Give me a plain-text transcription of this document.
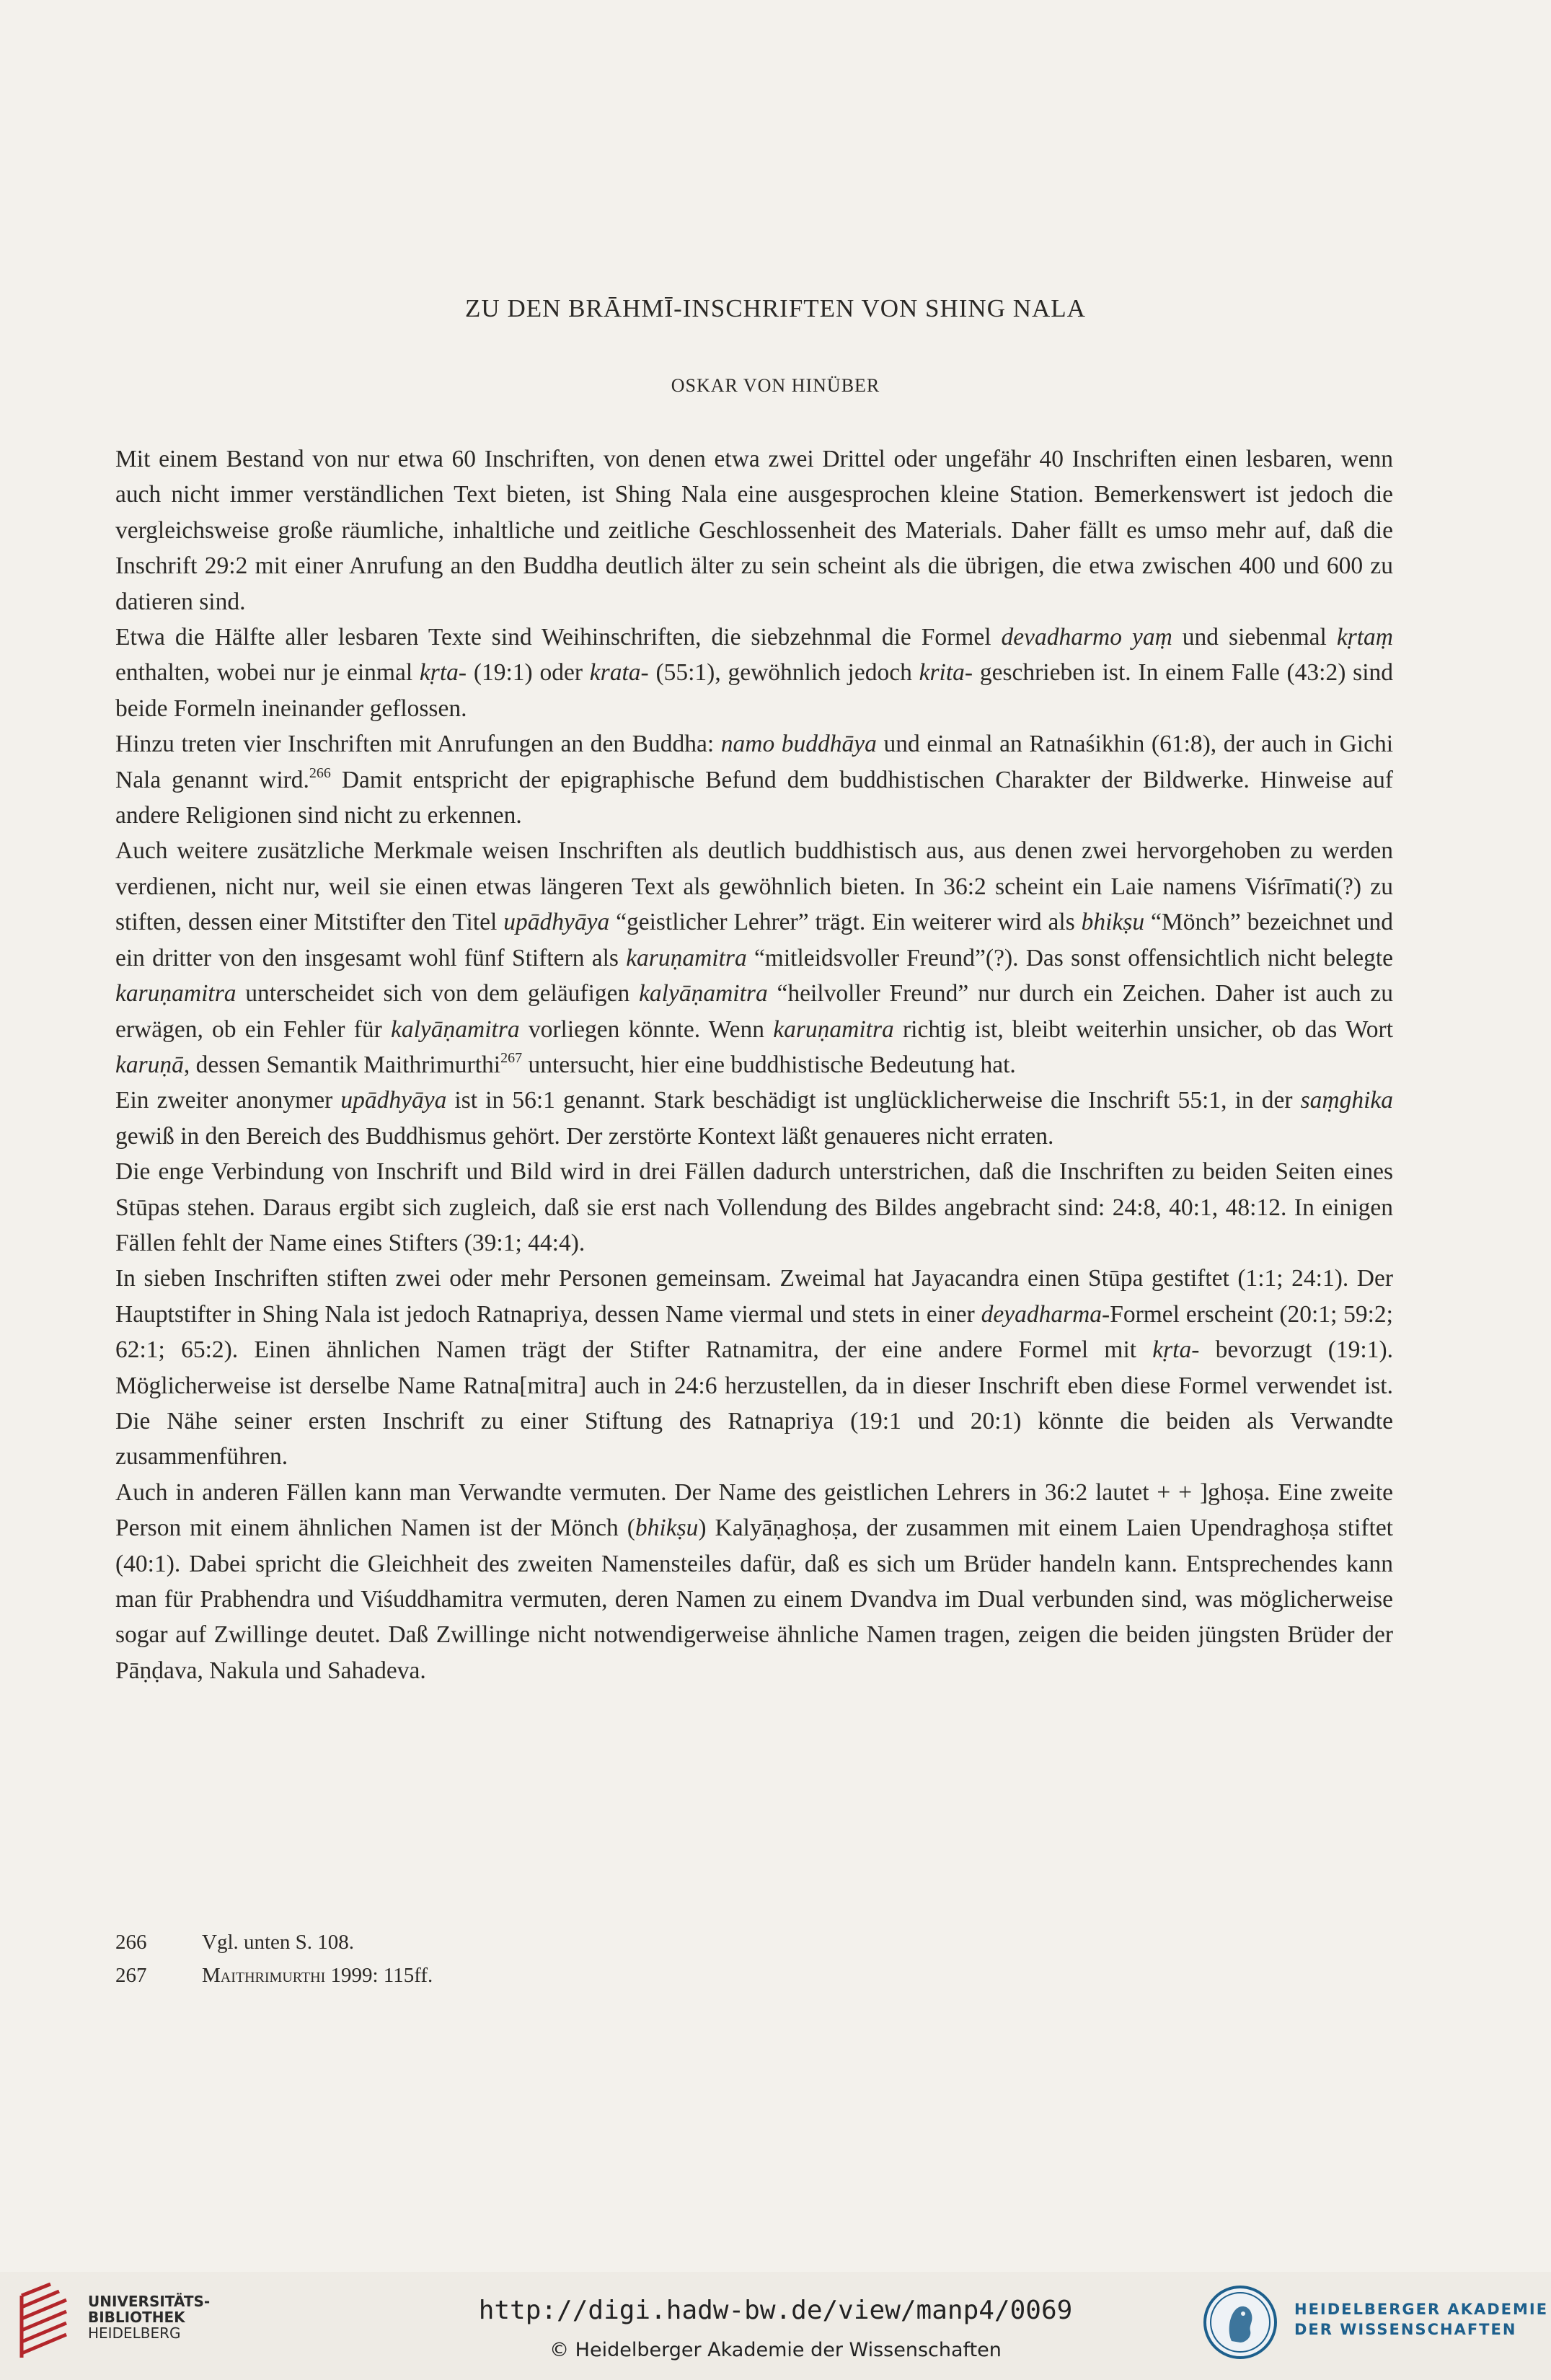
ZU DEN BRĀHMĪ-INSCHRIFTEN VON SHING NALA
OSKAR VON HINÜBER

Mit einem Bestand von nur etwa 60 Inschriften, von denen etwa zwei Drittel oder ungefähr 40 Inschriften einen lesbaren, wenn auch nicht immer verständlichen Text bieten, ist Shing Nala eine ausgesprochen kleine Station. Bemerkenswert ist jedoch die vergleichsweise große räumliche, inhaltliche und zeitliche Geschlossenheit des Materials. Daher fällt es umso mehr auf, daß die Inschrift 29:2 mit einer Anrufung an den Buddha deutlich älter zu sein scheint als die übrigen, die etwa zwischen 400 und 600 zu datieren sind.

Etwa die Hälfte aller lesbaren Texte sind Weihinschriften, die siebzehnmal die Formel devadharmo yaṃ und siebenmal kṛtaṃ enthalten, wobei nur je einmal kṛta- (19:1) oder krata- (55:1), gewöhnlich jedoch krita- geschrieben ist. In einem Falle (43:2) sind beide Formeln ineinander geflossen.

Hinzu treten vier Inschriften mit Anrufungen an den Buddha: namo buddhāya und einmal an Ratnaśikhin (61:8), der auch in Gichi Nala genannt wird.$^{266}$ Damit entspricht der epigraphische Befund dem buddhistischen Charakter der Bildwerke. Hinweise auf andere Religionen sind nicht zu erkennen.

Auch weitere zusätzliche Merkmale weisen Inschriften als deutlich buddhistisch aus, aus denen zwei hervorgehoben zu werden verdienen, nicht nur, weil sie einen etwas längeren Text als gewöhnlich bieten. In 36:2 scheint ein Laie namens Viśrīmati(?) zu stiften, dessen einer Mitstifter den Titel upādhyāya “geistlicher Lehrer” trägt. Ein weiterer wird als bhikṣu “Mönch” bezeichnet und ein dritter von den insgesamt wohl fünf Stiftern als karuṇamitra “mitleidsvoller Freund”(?). Das sonst offensichtlich nicht belegte karuṇamitra unterscheidet sich von dem geläufigen kalyāṇamitra “heilvoller Freund” nur durch ein Zeichen. Daher ist auch zu erwägen, ob ein Fehler für kalyāṇamitra vorliegen könnte. Wenn karuṇamitra richtig ist, bleibt weiterhin unsicher, ob das Wort karuṇā, dessen Semantik Maithrimurthi$^{267}$ untersucht, hier eine buddhistische Bedeutung hat.

Ein zweiter anonymer upādhyāya ist in 56:1 genannt. Stark beschädigt ist unglücklicherweise die Inschrift 55:1, in der saṃghika gewiß in den Bereich des Buddhismus gehört. Der zerstörte Kontext läßt genaueres nicht erraten.

Die enge Verbindung von Inschrift und Bild wird in drei Fällen dadurch unterstrichen, daß die Inschriften zu beiden Seiten eines Stūpas stehen. Daraus ergibt sich zugleich, daß sie erst nach Vollendung des Bildes angebracht sind: 24:8, 40:1, 48:12. In einigen Fällen fehlt der Name eines Stifters (39:1; 44:4).

In sieben Inschriften stiften zwei oder mehr Personen gemeinsam. Zweimal hat Jayacandra einen Stūpa gestiftet (1:1; 24:1). Der Hauptstifter in Shing Nala ist jedoch Ratnapriya, dessen Name viermal und stets in einer deyadharma-Formel erscheint (20:1; 59:2; 62:1; 65:2). Einen ähnlichen Namen trägt der Stifter Ratnamitra, der eine andere Formel mit kṛta- bevorzugt (19:1). Möglicherweise ist derselbe Name Ratna[mitra] auch in 24:6 herzustellen, da in dieser Inschrift eben diese Formel verwendet ist. Die Nähe seiner ersten Inschrift zu einer Stiftung des Ratnapriya (19:1 und 20:1) könnte die beiden als Verwandte zusammenführen.

Auch in anderen Fällen kann man Verwandte vermuten. Der Name des geistlichen Lehrers in 36:2 lautet + + ]ghoṣa. Eine zweite Person mit einem ähnlichen Namen ist der Mönch (bhikṣu) Kalyāṇaghoṣa, der zusammen mit einem Laien Upendraghoṣa stiftet (40:1). Dabei spricht die Gleichheit des zweiten Namensteiles dafür, daß es sich um Brüder handeln kann. Entsprechendes kann man für Prabhendra und Viśuddhamitra vermuten, deren Namen zu einem Dvandva im Dual verbunden sind, was möglicherweise sogar auf Zwillinge deutet. Daß Zwillinge nicht notwendigerweise ähnliche Namen tragen, zeigen die beiden jüngsten Brüder der Pāṇḍava, Nakula und Sahadeva.

266	Vgl. unten S. 108.
267	Maithrimurthi 1999: 115ff.
UNIVERSITÄTS-
BIBLIOTHEK
HEIDELBERG
http://digi.hadw-bw.de/view/manp4/0069
© Heidelberger Akademie der Wissenschaften
HEIDELBERGER AKADEMIE
DER WISSENSCHAFTEN
